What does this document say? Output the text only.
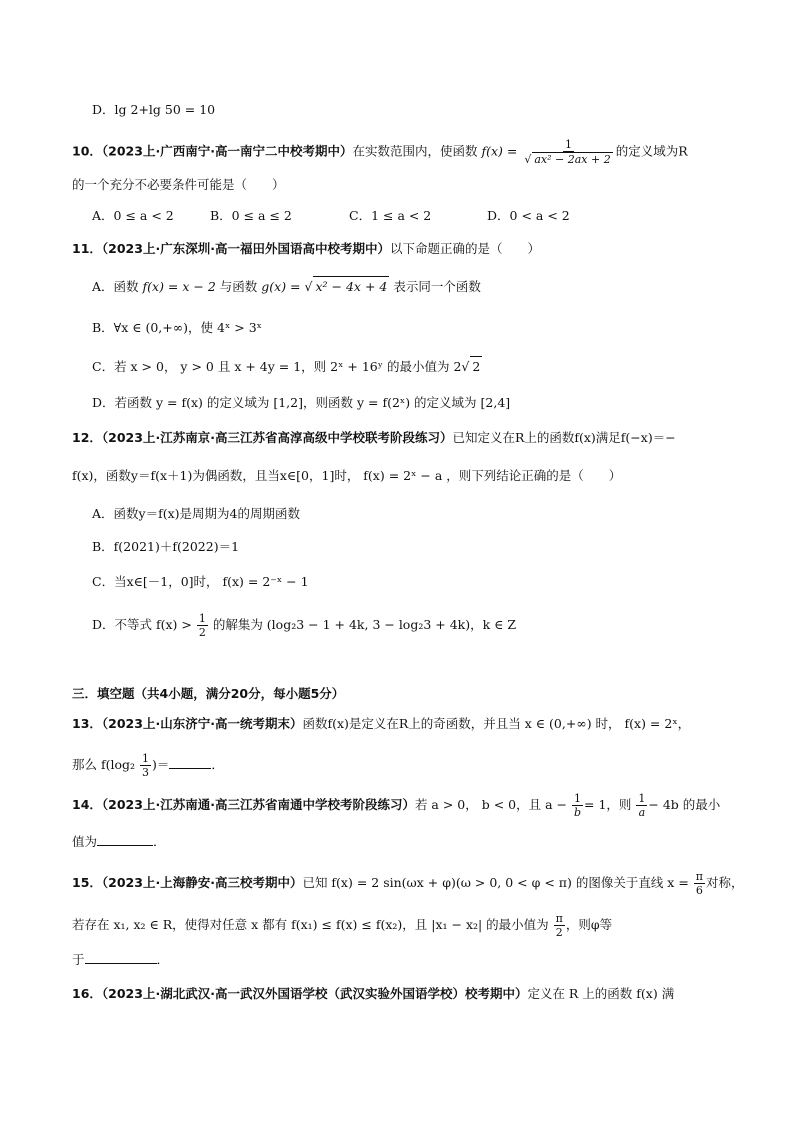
D．lg 2+lg 50 = 10
10．（2023上·广西南宁·高一南宁二中校考期中）在实数范围内，使函数 $f(x) = \frac{1}{\text{√ ax² − 2ax + 2}}$ 的定义域为R
的一个充分不必要条件可能是（　　）
A．0 ≤ a < 2	B．0 ≤ a ≤ 2	C．1 ≤ a < 2	D．0 < a < 2
11．（2023上·广东深圳·高一福田外国语高中校考期中）以下命题正确的是（　　）
A．函数 f(x) = x − 2 与函数 g(x) = √ x² − 4x + 4 表示同一个函数
B．∀x ∈ (0,+∞)，使 4ˣ > 3ˣ
C．若 x > 0， y > 0 且 x + 4y = 1，则 2ˣ + 16ʸ 的最小值为 2√ 2
D．若函数 y = f(x) 的定义域为 [1,2]，则函数 y = f(2ˣ) 的定义域为 [2,4]
12．（2023上·江苏南京·高三江苏省高淳高级中学校联考阶段练习）已知定义在R上的函数f(x)满足f(−x)＝−
f(x)，函数y＝f(x＋1)为偶函数，且当x∈[0，1]时， f(x) = 2ˣ − a ，则下列结论正确的是（　　）
A．函数y＝f(x)是周期为4的周期函数
B．f(2021)＋f(2022)＝1
C．当x∈[－1，0]时， f(x) = 2⁻ˣ − 1
D．不等式 $f(x) > \frac{1}{2}$ 的解集为 (log₂3 − 1 + 4k, 3 − log₂3 + 4k)，k ∈ Z
三．填空题（共4小题，满分20分，每小题5分）
13．（2023上·山东济宁·高一统考期末）函数f(x)是定义在R上的奇函数，并且当 x ∈ (0,+∞) 时， f(x) = 2ˣ，
那么 $f(\log_2 \frac{1}{3}$ )＝	．
14．（2023上·江苏南通·高三江苏省南通中学校考阶段练习）若 a > 0， b < 0，且 $a - \frac{1}{b} = 1$，则 $\frac{1}{a} - 4b$ 的最小
值为	．
15．（2023上·上海静安·高三校考期中）已知 f(x) = 2 sin(ωx + φ)(ω > 0, 0 < φ < π) 的图像关于直线 $x = \frac{\pi}{6}$ 对称，
若存在 x₁, x₂ ∈ R，使得对任意 x 都有 f(x₁) ≤ f(x) ≤ f(x₂)，且 |x₁ − x₂| 的最小值为 $\frac{\pi}{2}$ ，则φ等
于	．
16．（2023上·湖北武汉·高一武汉外国语学校（武汉实验外国语学校）校考期中）定义在 R 上的函数 f(x) 满
